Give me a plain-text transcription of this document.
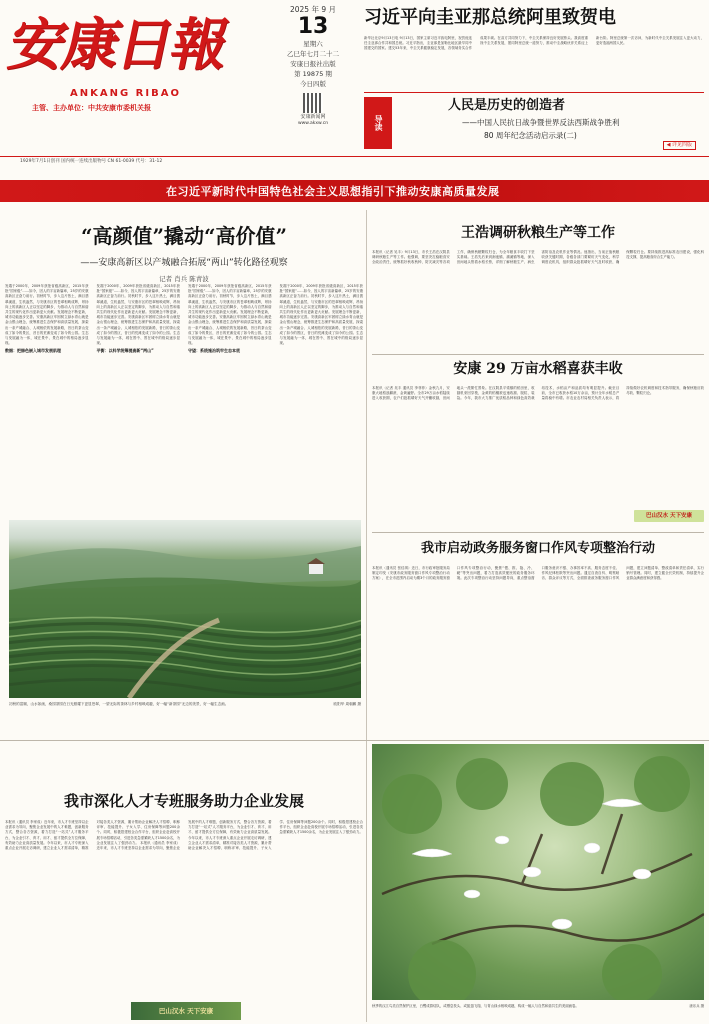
安康日報
ANKANG RIBAO
主管、主办单位：中共安康市委机关报
2025 年 9 月
13
星期六
乙巳年七月二十二
安康日报社出版
第 19875 期
今日四版
安康新闻网
www.akxw.cn
习近平向圭亚那总统阿里致贺电
新华社北京9月13日电 9月13日，国家主席习近平致电阿里，祝贺他连任圭亚那合作共和国总统。习近平指出，圭亚那是加勒比地区最早同中国建交的国家。建交53年来，中圭关系健康稳定发展，各领域务实合作成果丰硕。在双方共同努力下，中圭关系保持良好发展势头。我高度重视中圭关系发展，愿同阿里总统一道努力，推动中圭战略伙伴关系迈上新台阶。阿里总统第一次访问，为新时代中圭关系发展注入更大动力，更好造福两国人民。
导读
人民是历史的创造者
——中国人民抗日战争暨世界反法西斯战争胜利
80 周年纪念活动启示录(二)
◀ 详见四版
1929年7月1日创刊 国内统一连续出版物号 CN 61-0039 代号：31-12
在习近平新时代中国特色社会主义思想指引下推动安康高质量发展
“高颜值”撬动“高价值”
——安康高新区以产城融合拓展“两山”转化路径观察
记者 肖兵 陈青波
发端于2000年，2009年获批省级高新区，2015年获批“国家级”……如今，因人的宇宙新篇章，25岁的安康高新区正奋力前行。初秋时节，步入这片热土，满目翡翠溪道，生机盎然，与安康市区的苍翠相映成辉，昂扬向上的高新区人正以坚定的脚步，为推动人与自然和谐共生的现代化作出更新更大贡献。发展理念不断更新，城市功能逐步完善。安康高新区牢固树立绿水青山就是金山银山理念，统筹推进生态保护和高质量发展，探索出一条产城融合、人城相依的发展新路，昔日的茶山变成了如今的景区，昔日的荒滩变成了如今的公园。生态与发展融为一体，城在景中、景在城中的格局逐步显现。
数据：把绿色嵌入城市发展肌理
发端于2000年，2009年获批省级高新区，2015年获批“国家级”……如今，因人的宇宙新篇章，25岁的安康高新区正奋力前行。初秋时节，步入这片热土，满目翡翠溪道，生机盎然，与安康市区的苍翠相映成辉，昂扬向上的高新区人正以坚定的脚步，为推动人与自然和谐共生的现代化作出更新更大贡献。发展理念不断更新，城市功能逐步完善。安康高新区牢固树立绿水青山就是金山银山理念，统筹推进生态保护和高质量发展，探索出一条产城融合、人城相依的发展新路，昔日的茶山变成了如今的景区，昔日的荒滩变成了如今的公园。生态与发展融为一体，城在景中、景在城中的格局逐步显现。
平衡：以科学统筹提高新“两山”
发端于2000年，2009年获批省级高新区，2015年获批“国家级”……如今，因人的宇宙新篇章，25岁的安康高新区正奋力前行。初秋时节，步入这片热土，满目翡翠溪道，生机盎然，与安康市区的苍翠相映成辉，昂扬向上的高新区人正以坚定的脚步，为推动人与自然和谐共生的现代化作出更新更大贡献。发展理念不断更新，城市功能逐步完善。安康高新区牢固树立绿水青山就是金山银山理念，统筹推进生态保护和高质量发展，探索出一条产城融合、人城相依的发展新路，昔日的茶山变成了如今的景区，昔日的荒滩变成了如今的公园。生态与发展融为一体，城在景中、景在城中的格局逐步显现。
守望：系统施治筑牢生态本底
发端于2000年，2009年获批省级高新区，2015年获批“国家级”……如今，因人的宇宙新篇章，25岁的安康高新区正奋力前行。初秋时节，步入这片热土，满目翡翠溪道，生机盎然，与安康市区的苍翠相映成辉，昂扬向上的高新区人正以坚定的脚步，为推动人与自然和谐共生的现代化作出更新更大贡献。发展理念不断更新，城市功能逐步完善。安康高新区牢固树立绿水青山就是金山银山理念，统筹推进生态保护和高质量发展，探索出一条产城融合、人城相依的发展新路，昔日的茶山变成了如今的景区，昔日的荒滩变成了如今的公园。生态与发展融为一体，城在景中、景在城中的格局逐步显现。
初秋的富顺，山水如画，桑园茶园在日光照耀下更显苍翠，一望无际的茶林与乡村相映成趣，好一幅“新茶园”无边的美景，好一幅生态画。	欧阳华 周朝鹏 摄
王浩调研秋粮生产等工作
本报讯（记者 吴丰）9月13日，市长王浩在汉阴县调研秋粮生产等工作。他强调，要坚决扛稳粮食安全政治责任，统筹抓好秋收秋种、防灾减灾等各项工作，确保秋粮颗粒归仓，为全年粮食丰收打下坚实基础。王浩先后来到涧池镇、蒲溪镇等地，深入田间地头察看水稻长势，详细了解秋粮生产、病虫害防治及农机作业等情况。他指出，当前正值秋粮收获关键时期，各级各部门要紧盯天气变化，科学调度农机具，组织群众抢抓晴好天气及时收获，确保颗粒归仓。要持续推进高标准农田建设，强化科技支撑，提高粮食综合生产能力。
安康 29 万亩水稻喜获丰收
本报讯（记者 吴丰 通讯员 李菲菲）金秋九月，安康大地稻浪翻滚，金黄遍野。全市29万亩水稻陆续进入收获期，农户们抢抓晴好天气开镰收割，田间地头一派繁忙景象。在汉阴县平梁镇的稻田里，收割机来回穿梭，金黄的稻穗被迅速收割、脱粒、装袋。今年，我市大力推广优质稻品种和绿色高效栽培技术，水稻亩产和品质均有明显提升。截至目前，全市已收获水稻10万余亩，预计全年水稻总产量将稳中有增。市农业农村局相关负责人表示，将持续做好农机调度和技术指导服务，确保秋粮应收尽收、颗粒归仓。
巴山汉水 天下安康
我市启动政务服务窗口作风专项整治行动
本报讯（通讯员 张佳琪）近日，市行政审批服务局制定印发《安康市政务服务窗口作风专项整治行动方案》，在全市范围内启动为期3个月的政务服务窗口作风专项整治行动，聚焦“慢、推、拖、冷、硬”等突出问题，着力打造高效便民的政务服务环境。此次专项整治行动坚持问题导向，重点整治窗口服务意识不强、办事效率不高、服务态度不佳、作风纪律松散等突出问题。通过自查自纠、明察暗访、群众评议等方式，全面排查政务服务窗口作风问题，建立问题清单、整改清单和责任清单，实行销号管理。同时，建立健全长效机制，持续提升企业群众满意度和获得感。
我市深化人才专班服务助力企业发展
本报讯（通讯员 李家成）近年来，市人才专班坚持以企业需求为导向，聚焦企业发展中的人才难题，创新服务方式，整合各方资源，着力打造“一站式”人才服务平台，为企业引才、育才、用才、留才提供全方位保障，有效助力企业高质量发展。今年以来，市人才专班深入重点企业开展走访调研，建立企业人才需求清单，精准对接各类人才资源，累计帮助企业解决人才招聘、职称评审、技能提升、子女入学、住房保障等问题200余个。同时，积极搭建校企合作平台，组织企业赴高校开展专场招聘活动，引进各类急需紧缺人才1500余名，为企业发展注入了强劲动力。 本报讯（通讯员 李家成）近年来，市人才专班坚持以企业需求为导向，聚焦企业发展中的人才难题，创新服务方式，整合各方资源，着力打造“一站式”人才服务平台，为企业引才、育才、用才、留才提供全方位保障，有效助力企业高质量发展。今年以来，市人才专班深入重点企业开展走访调研，建立企业人才需求清单，精准对接各类人才资源，累计帮助企业解决人才招聘、职称评审、技能提升、子女入学、住房保障等问题200余个。同时，积极搭建校企合作平台，组织企业赴高校开展专场招聘活动，引进各类急需紧缺人才1500余名，为企业发展注入了强劲动力。
巴山汉水 天下安康
秋季的汉江鸟类自然保护区里，白鹭成群结队，或栖息枝头、或振翅飞翔，与青山绿水相映成趣，构成一幅人与自然和谐共生的美丽画卷。	唐乐兵 摄
